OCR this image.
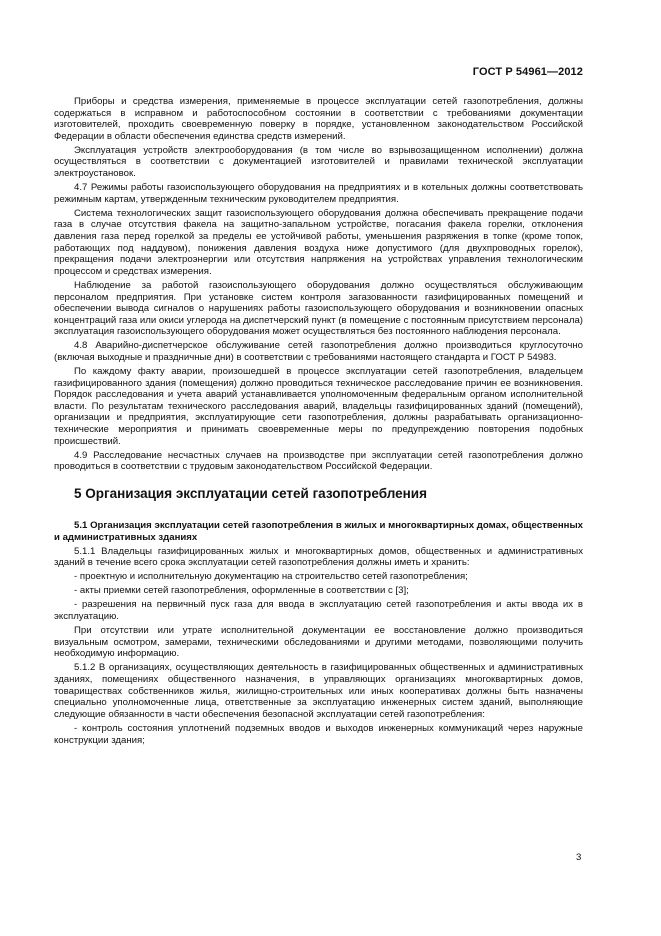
ГОСТ Р 54961—2012

Приборы и средства измерения, применяемые в процессе эксплуатации сетей газопотребления, должны содержаться в исправном и работоспособном состоянии в соответствии с требованиями документации изготовителей, проходить своевременную поверку в порядке, установленном законодательством Российской Федерации в области обеспечения единства средств измерений.

Эксплуатация устройств электрооборудования (в том числе во взрывозащищенном исполнении) должна осуществляться в соответствии с документацией изготовителей и правилами технической эксплуатации электроустановок.

4.7 Режимы работы газоиспользующего оборудования на предприятиях и в котельных должны соответствовать режимным картам, утвержденным техническим руководителем предприятия.

Система технологических защит газоиспользующего оборудования должна обеспечивать прекращение подачи газа в случае отсутствия факела на защитно-запальном устройстве, погасания факела горелки, отклонения давления газа перед горелкой за пределы ее устойчивой работы, уменьшения разряжения в топке (кроме топок, работающих под наддувом), понижения давления воздуха ниже допустимого (для двухпроводных горелок), прекращения подачи электроэнергии или отсутствия напряжения на устройствах управления технологическим процессом и средствах измерения.

Наблюдение за работой газоиспользующего оборудования должно осуществляться обслуживающим персоналом предприятия. При установке систем контроля загазованности газифицированных помещений и обеспечении вывода сигналов о нарушениях работы газоиспользующего оборудования и возникновении опасных концентраций газа или окиси углерода на диспетчерский пункт (в помещение с постоянным присутствием персонала) эксплуатация газоиспользующего оборудования может осуществляться без постоянного наблюдения персонала.

4.8 Аварийно-диспетчерское обслуживание сетей газопотребления должно производиться круглосуточно (включая выходные и праздничные дни) в соответствии с требованиями настоящего стандарта и ГОСТ Р 54983.

По каждому факту аварии, произошедшей в процессе эксплуатации сетей газопотребления, владельцем газифицированного здания (помещения) должно проводиться техническое расследование причин ее возникновения. Порядок расследования и учета аварий устанавливается уполномоченным федеральным органом исполнительной власти. По результатам технического расследования аварий, владельцы газифицированных зданий (помещений), организации и предприятия, эксплуатирующие сети газопотребления, должны разрабатывать организационно-технические мероприятия и принимать своевременные меры по предупреждению повторения подобных происшествий.

4.9 Расследование несчастных случаев на производстве при эксплуатации сетей газопотребления должно проводиться в соответствии с трудовым законодательством Российской Федерации.

5 Организация эксплуатации сетей газопотребления

5.1 Организация эксплуатации сетей газопотребления в жилых и многоквартирных домах, общественных и административных зданиях

5.1.1 Владельцы газифицированных жилых и многоквартирных домов, общественных и административных зданий в течение всего срока эксплуатации сетей газопотребления должны иметь и хранить:

- проектную и исполнительную документацию на строительство сетей газопотребления;

- акты приемки сетей газопотребления, оформленные в соответствии с [3];

- разрешения на первичный пуск газа для ввода в эксплуатацию сетей газопотребления и акты ввода их в эксплуатацию.

При отсутствии или утрате исполнительной документации ее восстановление должно производиться визуальным осмотром, замерами, техническими обследованиями и другими методами, позволяющими получить необходимую информацию.

5.1.2 В организациях, осуществляющих деятельность в газифицированных общественных и административных зданиях, помещениях общественного назначения, в управляющих организациях многоквартирных домов, товариществах собственников жилья, жилищно-строительных или иных кооперативах должны быть назначены специально уполномоченные лица, ответственные за эксплуатацию инженерных систем зданий, выполняющие следующие обязанности в части обеспечения безопасной эксплуатации сетей газопотребления:

- контроль состояния уплотнений подземных вводов и выходов инженерных коммуникаций через наружные конструкции здания;

3
